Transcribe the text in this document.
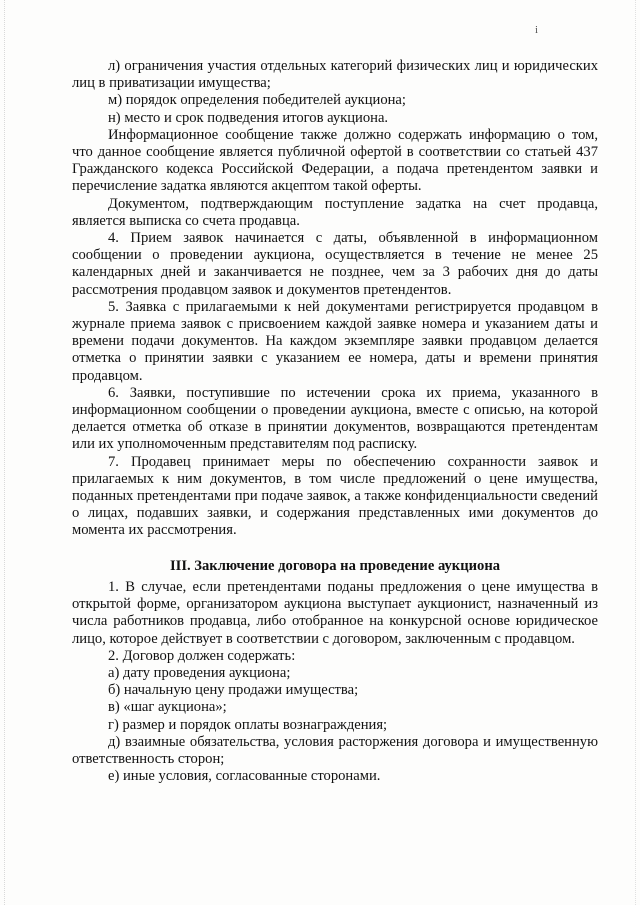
i

л) ограничения участия отдельных категорий физических лиц и юридических лиц в приватизации имущества;

м) порядок определения победителей аукциона;

н) место и срок подведения итогов аукциона.

Информационное сообщение также должно содержать информацию о том, что данное сообщение является публичной офертой в соответствии со статьей 437 Гражданского кодекса Российской Федерации, а подача претендентом заявки и перечисление задатка являются акцептом такой оферты.

Документом, подтверждающим поступление задатка на счет продавца, является выписка со счета продавца.

4. Прием заявок начинается с даты, объявленной в информационном сообщении о проведении аукциона, осуществляется в течение не менее 25 календарных дней и заканчивается не позднее, чем за 3 рабочих дня до даты рассмотрения продавцом заявок и документов претендентов.

5. Заявка с прилагаемыми к ней документами регистрируется продавцом в журнале приема заявок с присвоением каждой заявке номера и указанием даты и времени подачи документов. На каждом экземпляре заявки продавцом делается отметка о принятии заявки с указанием ее номера, даты и времени принятия продавцом.

6. Заявки, поступившие по истечении срока их приема, указанного в информационном сообщении о проведении аукциона, вместе с описью, на которой делается отметка об отказе в принятии документов, возвращаются претендентам или их уполномоченным представителям под расписку.

7. Продавец принимает меры по обеспечению сохранности заявок и прилагаемых к ним документов, в том числе предложений о цене имущества, поданных претендентами при подаче заявок, а также конфиденциальности сведений о лицах, подавших заявки, и содержания представленных ими документов до момента их рассмотрения.

III. Заключение договора на проведение аукциона

1. В случае, если претендентами поданы предложения о цене имущества в открытой форме, организатором аукциона выступает аукционист, назначенный из числа работников продавца, либо отобранное на конкурсной основе юридическое лицо, которое действует в соответствии с договором, заключенным с продавцом.

2. Договор должен содержать:

а) дату проведения аукциона;

б) начальную цену продажи имущества;

в) «шаг аукциона»;

г) размер и порядок оплаты вознаграждения;

д) взаимные обязательства, условия расторжения договора и имущественную ответственность сторон;

е) иные условия, согласованные сторонами.
